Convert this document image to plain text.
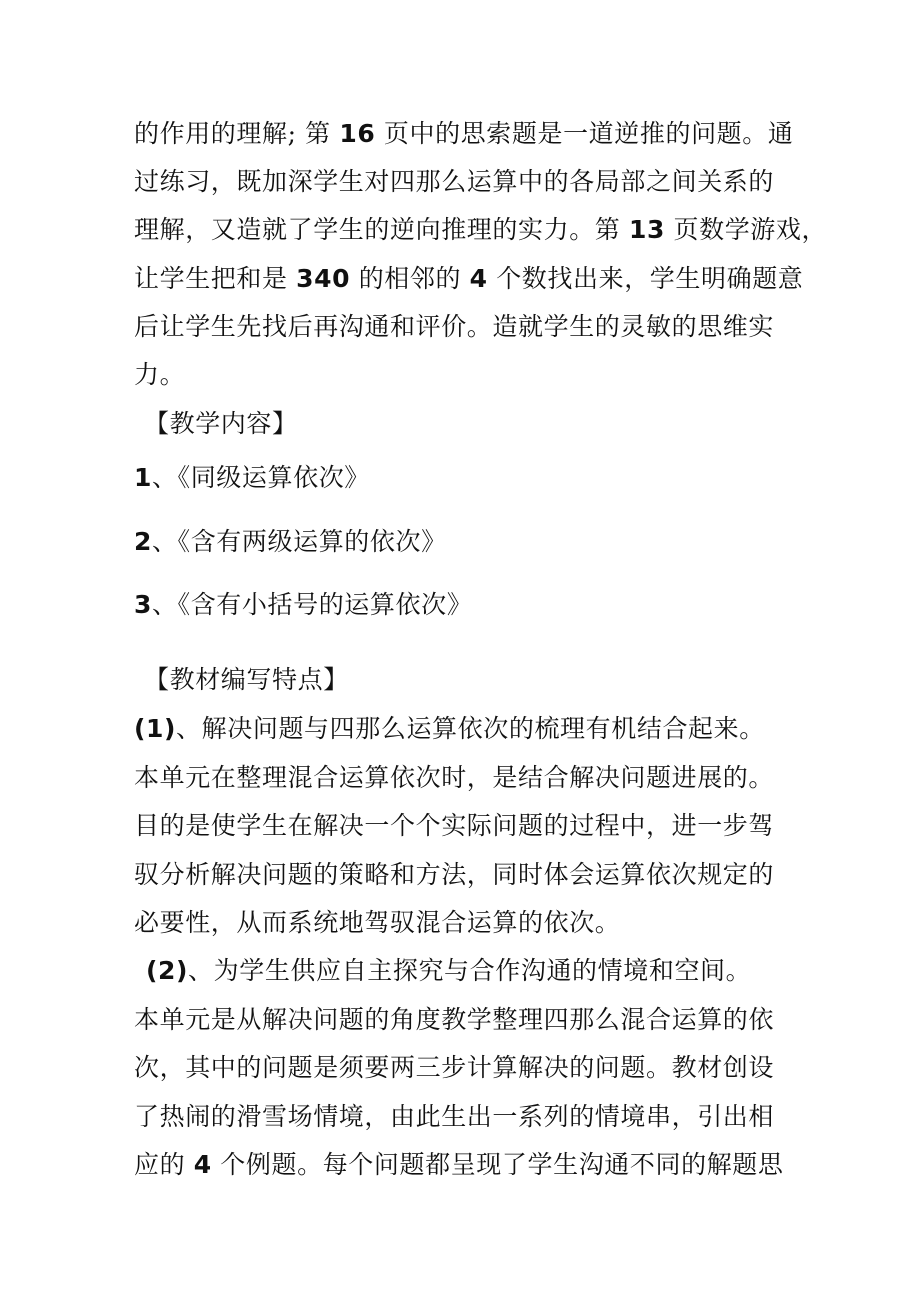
的作用的理解; 第 16 页中的思索题是一道逆推的问题。通
过练习，既加深学生对四那么运算中的各局部之间关系的
理解，又造就了学生的逆向推理的实力。第 13 页数学游戏，
让学生把和是 340 的相邻的 4 个数找出来，学生明确题意
后让学生先找后再沟通和评价。造就学生的灵敏的思维实
力。
【教学内容】
1、《同级运算依次》
2、《含有两级运算的依次》
3、《含有小括号的运算依次》
【教材编写特点】
(1)、解决问题与四那么运算依次的梳理有机结合起来。
本单元在整理混合运算依次时，是结合解决问题进展的。
目的是使学生在解决一个个实际问题的过程中，进一步驾
驭分析解决问题的策略和方法，同时体会运算依次规定的
必要性，从而系统地驾驭混合运算的依次。
(2)、为学生供应自主探究与合作沟通的情境和空间。
本单元是从解决问题的角度教学整理四那么混合运算的依
次，其中的问题是须要两三步计算解决的问题。教材创设
了热闹的滑雪场情境，由此生出一系列的情境串，引出相
应的 4 个例题。每个问题都呈现了学生沟通不同的解题思
